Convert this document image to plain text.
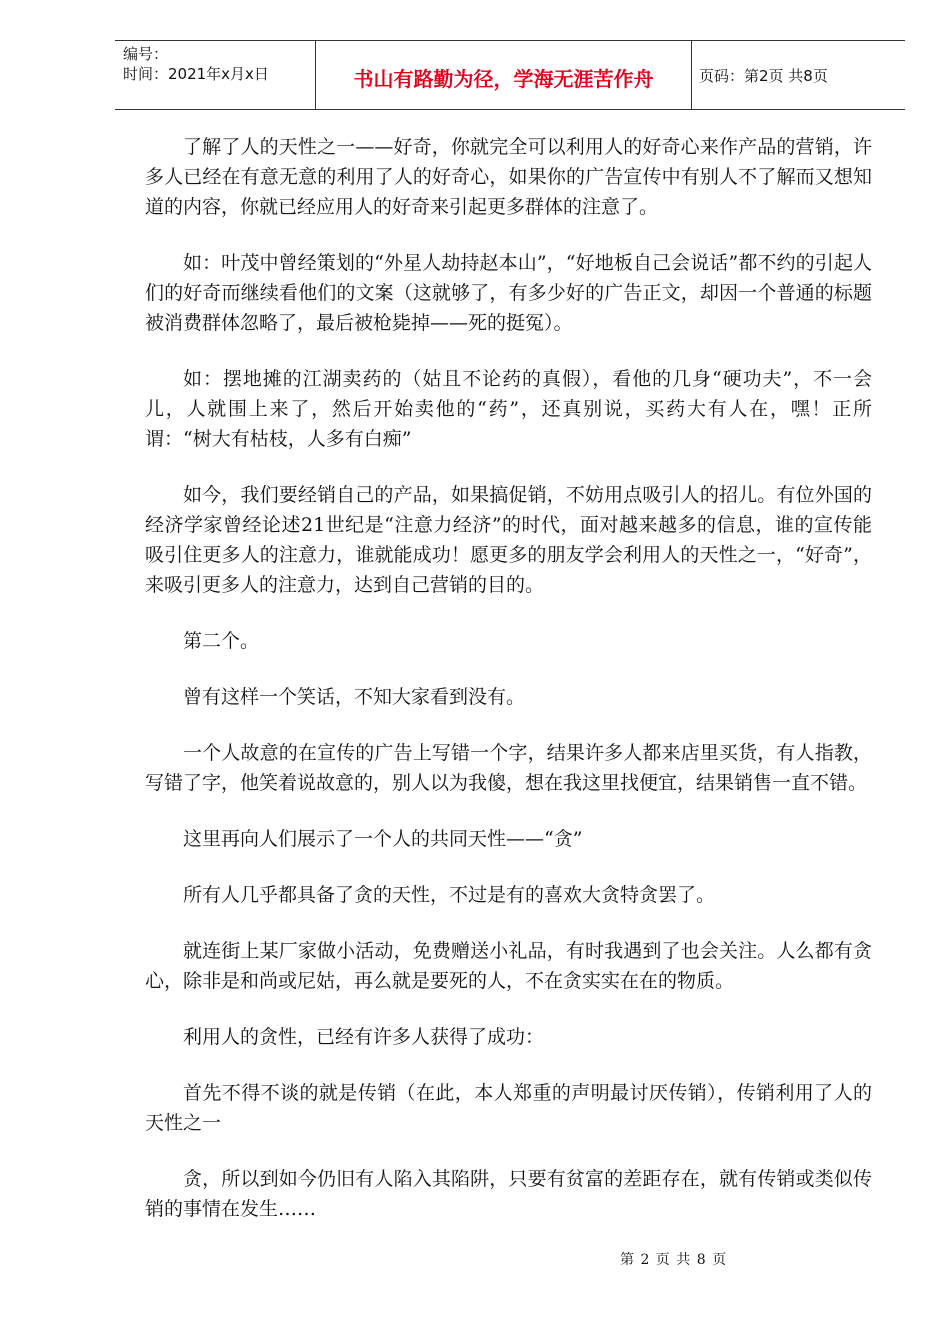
编号：
时间：2021年x月x日	书山有路勤为径，学海无涯苦作舟	页码：第2页 共8页

了解了人的天性之一——好奇，你就完全可以利用人的好奇心来作产品的营销，许多人已经在有意无意的利用了人的好奇心，如果你的广告宣传中有别人不了解而又想知道的内容，你就已经应用人的好奇来引起更多群体的注意了。

如：叶茂中曾经策划的“外星人劫持赵本山”，“好地板自己会说话”都不约的引起人们的好奇而继续看他们的文案（这就够了，有多少好的广告正文，却因一个普通的标题被消费群体忽略了，最后被枪毙掉——死的挺冤）。

如：摆地摊的江湖卖药的（姑且不论药的真假），看他的几身“硬功夫”，不一会儿，人就围上来了，然后开始卖他的“药”，还真别说，买药大有人在，嘿！正所谓：“树大有枯枝，人多有白痴”

如今，我们要经销自己的产品，如果搞促销，不妨用点吸引人的招儿。有位外国的经济学家曾经论述21世纪是“注意力经济”的时代，面对越来越多的信息，谁的宣传能吸引住更多人的注意力，谁就能成功！愿更多的朋友学会利用人的天性之一，“好奇”，来吸引更多人的注意力，达到自己营销的目的。

第二个。

曾有这样一个笑话，不知大家看到没有。

一个人故意的在宣传的广告上写错一个字，结果许多人都来店里买货，有人指教，写错了字，他笑着说故意的，别人以为我傻，想在我这里找便宜，结果销售一直不错。

这里再向人们展示了一个人的共同天性——“贪”

所有人几乎都具备了贪的天性，不过是有的喜欢大贪特贪罢了。

就连街上某厂家做小活动，免费赠送小礼品，有时我遇到了也会关注。人么都有贪心，除非是和尚或尼姑，再么就是要死的人，不在贪实实在在的物质。

利用人的贪性，已经有许多人获得了成功：

首先不得不谈的就是传销（在此，本人郑重的声明最讨厌传销），传销利用了人的天性之一

贪，所以到如今仍旧有人陷入其陷阱，只要有贫富的差距存在，就有传销或类似传销的事情在发生……

第 2 页 共 8 页
